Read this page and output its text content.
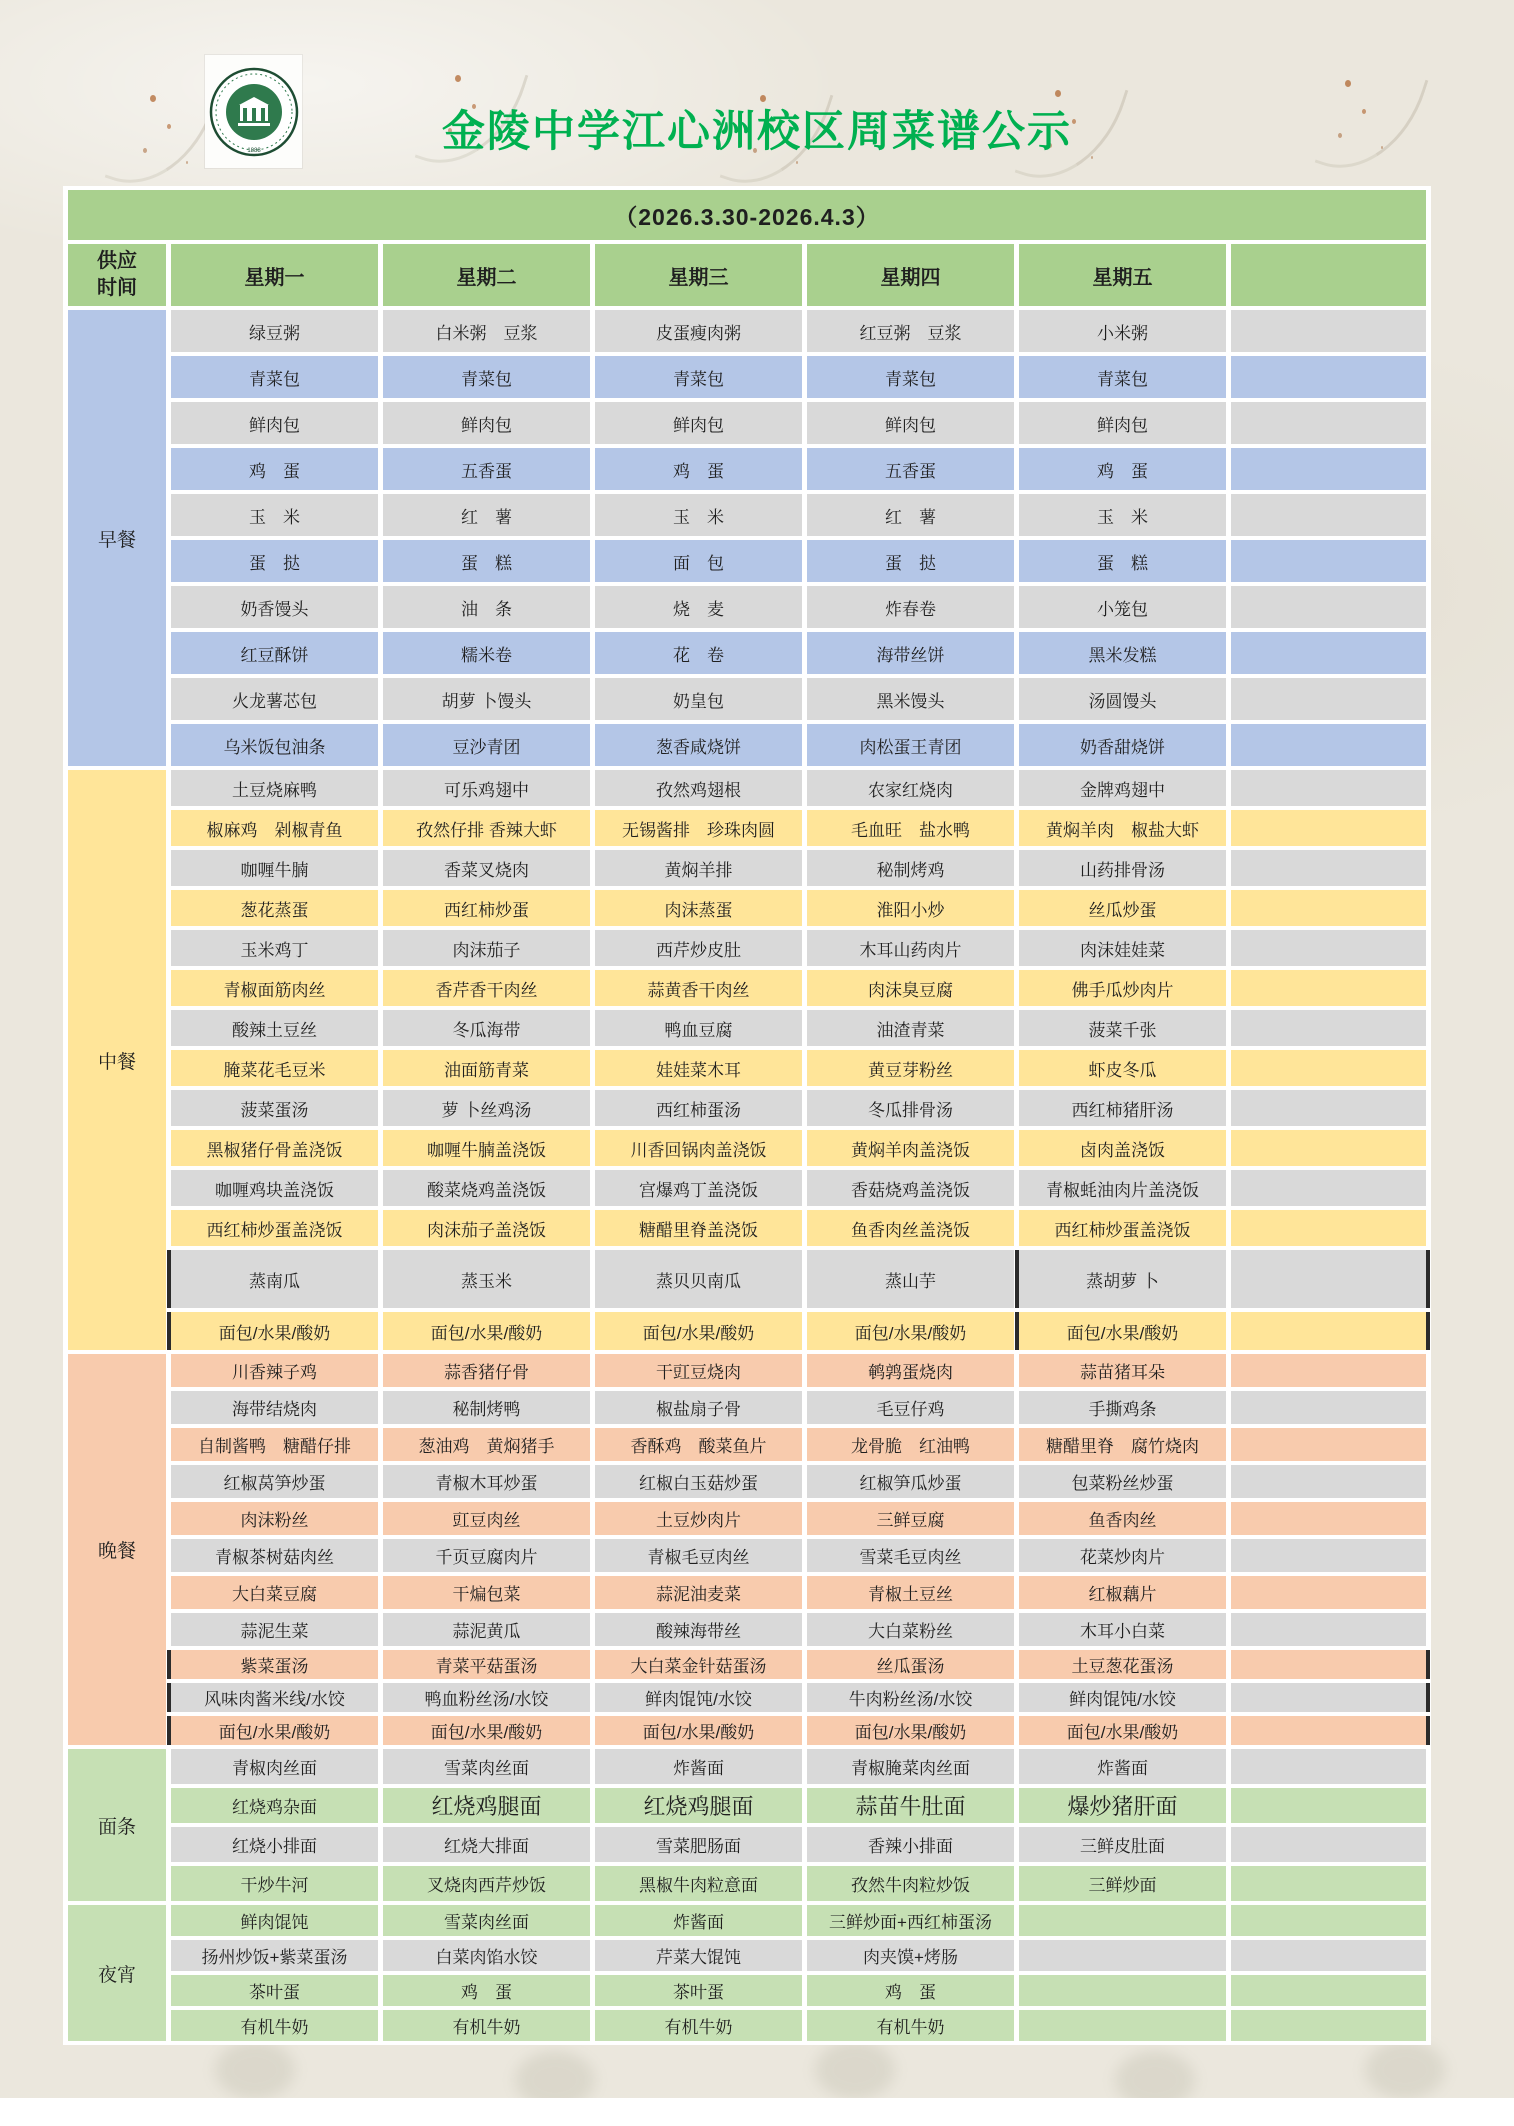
1888	金陵中学江心洲校区周菜谱公示
（2026.3.30-2026.4.3）						
供应时间	星期一	星期二	星期三	星期四	星期五	
早餐	绿豆粥	白米粥　豆浆	皮蛋瘦肉粥	红豆粥　豆浆	小米粥	
	青菜包	青菜包	青菜包	青菜包	青菜包	
	鲜肉包	鲜肉包	鲜肉包	鲜肉包	鲜肉包	
	鸡　蛋	五香蛋	鸡　蛋	五香蛋	鸡　蛋	
	玉　米	红　薯	玉　米	红　薯	玉　米	
	蛋　挞	蛋　糕	面　包	蛋　挞	蛋　糕	
	奶香馒头	油　条	烧　麦	炸春卷	小笼包	
	红豆酥饼	糯米卷	花　卷	海带丝饼	黑米发糕	
	火龙薯芯包	胡萝 卜馒头	奶皇包	黑米馒头	汤圆馒头	
	乌米饭包油条	豆沙青团	葱香咸烧饼	肉松蛋王青团	奶香甜烧饼	
中餐	土豆烧麻鸭	可乐鸡翅中	孜然鸡翅根	农家红烧肉	金牌鸡翅中	
	椒麻鸡　剁椒青鱼	孜然仔排 香辣大虾	无锡酱排　珍珠肉圆	毛血旺　盐水鸭	黄焖羊肉　椒盐大虾	
	咖喱牛腩	香菜叉烧肉	黄焖羊排	秘制烤鸡	山药排骨汤	
	葱花蒸蛋	西红柿炒蛋	肉沫蒸蛋	淮阳小炒	丝瓜炒蛋	
	玉米鸡丁	肉沫茄子	西芹炒皮肚	木耳山药肉片	肉沫娃娃菜	
	青椒面筋肉丝	香芹香干肉丝	蒜黄香干肉丝	肉沫臭豆腐	佛手瓜炒肉片	
	酸辣土豆丝	冬瓜海带	鸭血豆腐	油渣青菜	菠菜千张	
	腌菜花毛豆米	油面筋青菜	娃娃菜木耳	黄豆芽粉丝	虾皮冬瓜	
	菠菜蛋汤	萝 卜丝鸡汤	西红柿蛋汤	冬瓜排骨汤	西红柿猪肝汤	
	黑椒猪仔骨盖浇饭	咖喱牛腩盖浇饭	川香回锅肉盖浇饭	黄焖羊肉盖浇饭	卤肉盖浇饭	
	咖喱鸡块盖浇饭	酸菜烧鸡盖浇饭	宫爆鸡丁盖浇饭	香菇烧鸡盖浇饭	青椒蚝油肉片盖浇饭	
	西红柿炒蛋盖浇饭	肉沫茄子盖浇饭	糖醋里脊盖浇饭	鱼香肉丝盖浇饭	西红柿炒蛋盖浇饭	
	蒸南瓜	蒸玉米	蒸贝贝南瓜	蒸山芋	蒸胡萝 卜	
	面包/水果/酸奶	面包/水果/酸奶	面包/水果/酸奶	面包/水果/酸奶	面包/水果/酸奶	
晚餐	川香辣子鸡	蒜香猪仔骨	干豇豆烧肉	鹌鹑蛋烧肉	蒜苗猪耳朵	
	海带结烧肉	秘制烤鸭	椒盐扇子骨	毛豆仔鸡	手撕鸡条	
	自制酱鸭　糖醋仔排	葱油鸡　黄焖猪手	香酥鸡　酸菜鱼片	龙骨脆　红油鸭	糖醋里脊　腐竹烧肉	
	红椒莴笋炒蛋	青椒木耳炒蛋	红椒白玉菇炒蛋	红椒笋瓜炒蛋	包菜粉丝炒蛋	
	肉沫粉丝	豇豆肉丝	土豆炒肉片	三鲜豆腐	鱼香肉丝	
	青椒茶树菇肉丝	千页豆腐肉片	青椒毛豆肉丝	雪菜毛豆肉丝	花菜炒肉片	
	大白菜豆腐	干煸包菜	蒜泥油麦菜	青椒土豆丝	红椒藕片	
	蒜泥生菜	蒜泥黄瓜	酸辣海带丝	大白菜粉丝	木耳小白菜	
	紫菜蛋汤	青菜平菇蛋汤	大白菜金针菇蛋汤	丝瓜蛋汤	土豆葱花蛋汤	
	风味肉酱米线/水饺	鸭血粉丝汤/水饺	鲜肉馄饨/水饺	牛肉粉丝汤/水饺	鲜肉馄饨/水饺	
	面包/水果/酸奶	面包/水果/酸奶	面包/水果/酸奶	面包/水果/酸奶	面包/水果/酸奶	
面条	青椒肉丝面	雪菜肉丝面	炸酱面	青椒腌菜肉丝面	炸酱面	
	红烧鸡杂面	红烧鸡腿面	红烧鸡腿面	蒜苗牛肚面	爆炒猪肝面	
	红烧小排面	红烧大排面	雪菜肥肠面	香辣小排面	三鲜皮肚面	
	干炒牛河	叉烧肉西芹炒饭	黑椒牛肉粒意面	孜然牛肉粒炒饭	三鲜炒面	
夜宵	鲜肉馄饨	雪菜肉丝面	炸酱面	三鲜炒面+西红柿蛋汤		
	扬州炒饭+紫菜蛋汤	白菜肉馅水饺	芹菜大馄饨	肉夹馍+烤肠		
	茶叶蛋	鸡　蛋	茶叶蛋	鸡　蛋		
	有机牛奶	有机牛奶	有机牛奶	有机牛奶		
